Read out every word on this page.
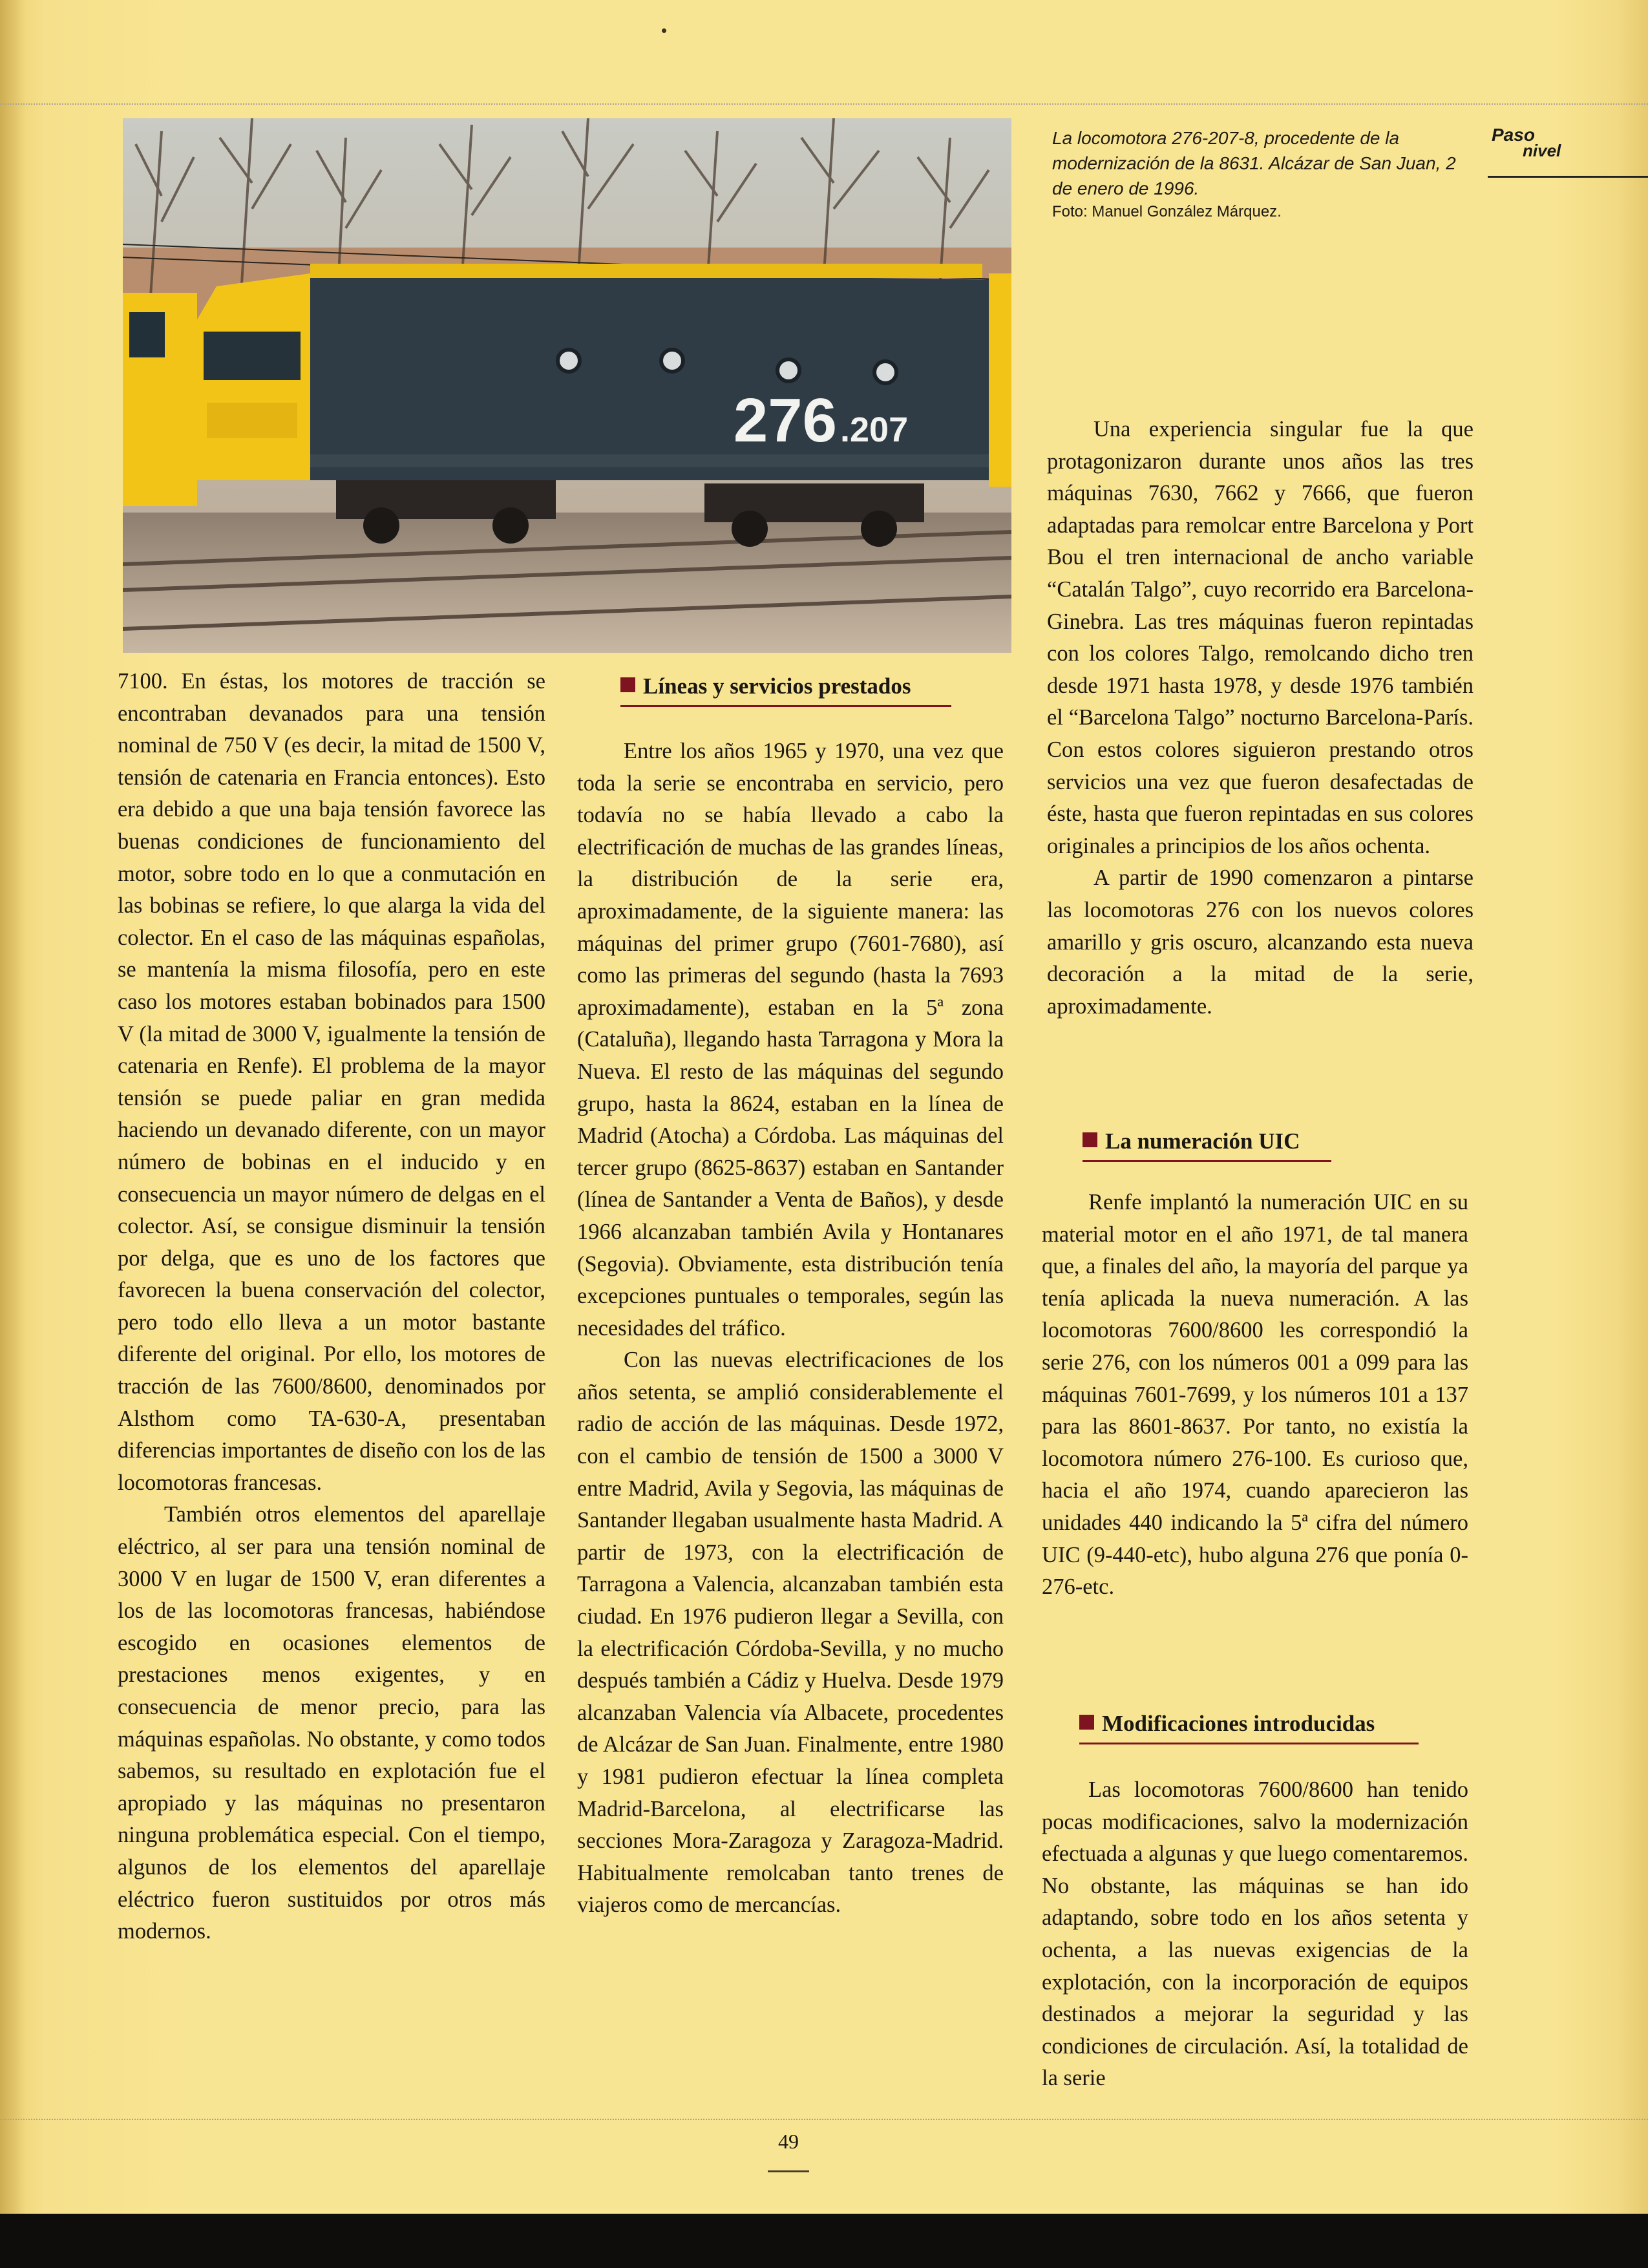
276 .207
La locomotora 276-207-8, procedente de la modernización de la 8631. Alcázar de San Juan, 2 de enero de 1996.
Foto: Manuel González Márquez.
Paso
nivel

7100. En éstas, los motores de tracción se encontraban devanados para una tensión nominal de 750 V (es decir, la mitad de 1500 V, tensión de catenaria en Francia entonces). Esto era debido a que una baja tensión favorece las buenas condiciones de funcionamiento del motor, sobre todo en lo que a conmutación en las bobinas se refiere, lo que alarga la vida del colector. En el caso de las máquinas españolas, se mantenía la misma filosofía, pero en este caso los motores estaban bobinados para 1500 V (la mitad de 3000 V, igualmente la tensión de catenaria en Renfe). El problema de la mayor tensión se puede paliar en gran medida haciendo un devanado diferente, con un mayor número de bobinas en el inducido y en consecuencia un mayor número de delgas en el colector. Así, se consigue disminuir la tensión por delga, que es uno de los factores que favorecen la buena conservación del colector, pero todo ello lleva a un motor bastante diferente del original. Por ello, los motores de tracción de las 7600/8600, denominados por Alsthom como TA-630-A, presentaban diferencias importantes de diseño con los de las locomotoras francesas.

También otros elementos del aparellaje eléctrico, al ser para una tensión nominal de 3000 V en lugar de 1500 V, eran diferentes a los de las locomotoras francesas, habiéndose escogido en ocasiones elementos de prestaciones menos exigentes, y en consecuencia de menor precio, para las máquinas españolas. No obstante, y como todos sabemos, su resultado en explotación fue el apropiado y las máquinas no presentaron ninguna problemática especial. Con el tiempo, algunos de los elementos del aparellaje eléctrico fueron sustituidos por otros más modernos.

Líneas y servicios prestados

Entre los años 1965 y 1970, una vez que toda la serie se encontraba en servicio, pero todavía no se había llevado a cabo la electrificación de muchas de las grandes líneas, la distribución de la serie era, aproximadamente, de la siguiente manera: las máquinas del primer grupo (7601-7680), así como las primeras del segundo (hasta la 7693 aproximadamente), estaban en la 5ª zona (Cataluña), llegando hasta Tarragona y Mora la Nueva. El resto de las máquinas del segundo grupo, hasta la 8624, estaban en la línea de Madrid (Atocha) a Córdoba. Las máquinas del tercer grupo (8625-8637) estaban en Santander (línea de Santander a Venta de Baños), y desde 1966 alcanzaban también Avila y Hontanares (Segovia). Obviamente, esta distribución tenía excepciones puntuales o temporales, según las necesidades del tráfico.

Con las nuevas electrificaciones de los años setenta, se amplió considerablemente el radio de acción de las máquinas. Desde 1972, con el cambio de tensión de 1500 a 3000 V entre Madrid, Avila y Segovia, las máquinas de Santander llegaban usualmente hasta Madrid. A partir de 1973, con la electrificación de Tarragona a Valencia, alcanzaban también esta ciudad. En 1976 pudieron llegar a Sevilla, con la electrificación Córdoba-Sevilla, y no mucho después también a Cádiz y Huelva. Desde 1979 alcanzaban Valencia vía Albacete, procedentes de Alcázar de San Juan. Finalmente, entre 1980 y 1981 pudieron efectuar la línea completa Madrid-Barcelona, al electrificarse las secciones Mora-Zaragoza y Zaragoza-Madrid. Habitualmente remolcaban tanto trenes de viajeros como de mercancías.

Una experiencia singular fue la que protagonizaron durante unos años las tres máquinas 7630, 7662 y 7666, que fueron adaptadas para remolcar entre Barcelona y Port Bou el tren internacional de ancho variable “Catalán Talgo”, cuyo recorrido era Barcelona-Ginebra. Las tres máquinas fueron repintadas con los colores Talgo, remolcando dicho tren desde 1971 hasta 1978, y desde 1976 también el “Barcelona Talgo” nocturno Barcelona-París. Con estos colores siguieron prestando otros servicios una vez que fueron desafectadas de éste, hasta que fueron repintadas en sus colores originales a principios de los años ochenta.

A partir de 1990 comenzaron a pintarse las locomotoras 276 con los nuevos colores amarillo y gris oscuro, alcanzando esta nueva decoración a la mitad de la serie, aproximadamente.

La numeración UIC

Renfe implantó la numeración UIC en su material motor en el año 1971, de tal manera que, a finales del año, la mayoría del parque ya tenía aplicada la nueva numeración. A las locomotoras 7600/8600 les correspondió la serie 276, con los números 001 a 099 para las máquinas 7601-7699, y los números 101 a 137 para las 8601-8637. Por tanto, no existía la locomotora número 276-100. Es curioso que, hacia el año 1974, cuando aparecieron las unidades 440 indicando la 5ª cifra del número UIC (9-440-etc), hubo alguna 276 que ponía 0-276-etc.

Modificaciones introducidas

Las locomotoras 7600/8600 han tenido pocas modificaciones, salvo la modernización efectuada a algunas y que luego comentaremos. No obstante, las máquinas se han ido adaptando, sobre todo en los años setenta y ochenta, a las nuevas exigencias de la explotación, con la incorporación de equipos destinados a mejorar la seguridad y las condiciones de circulación. Así, la totalidad de la serie

49
